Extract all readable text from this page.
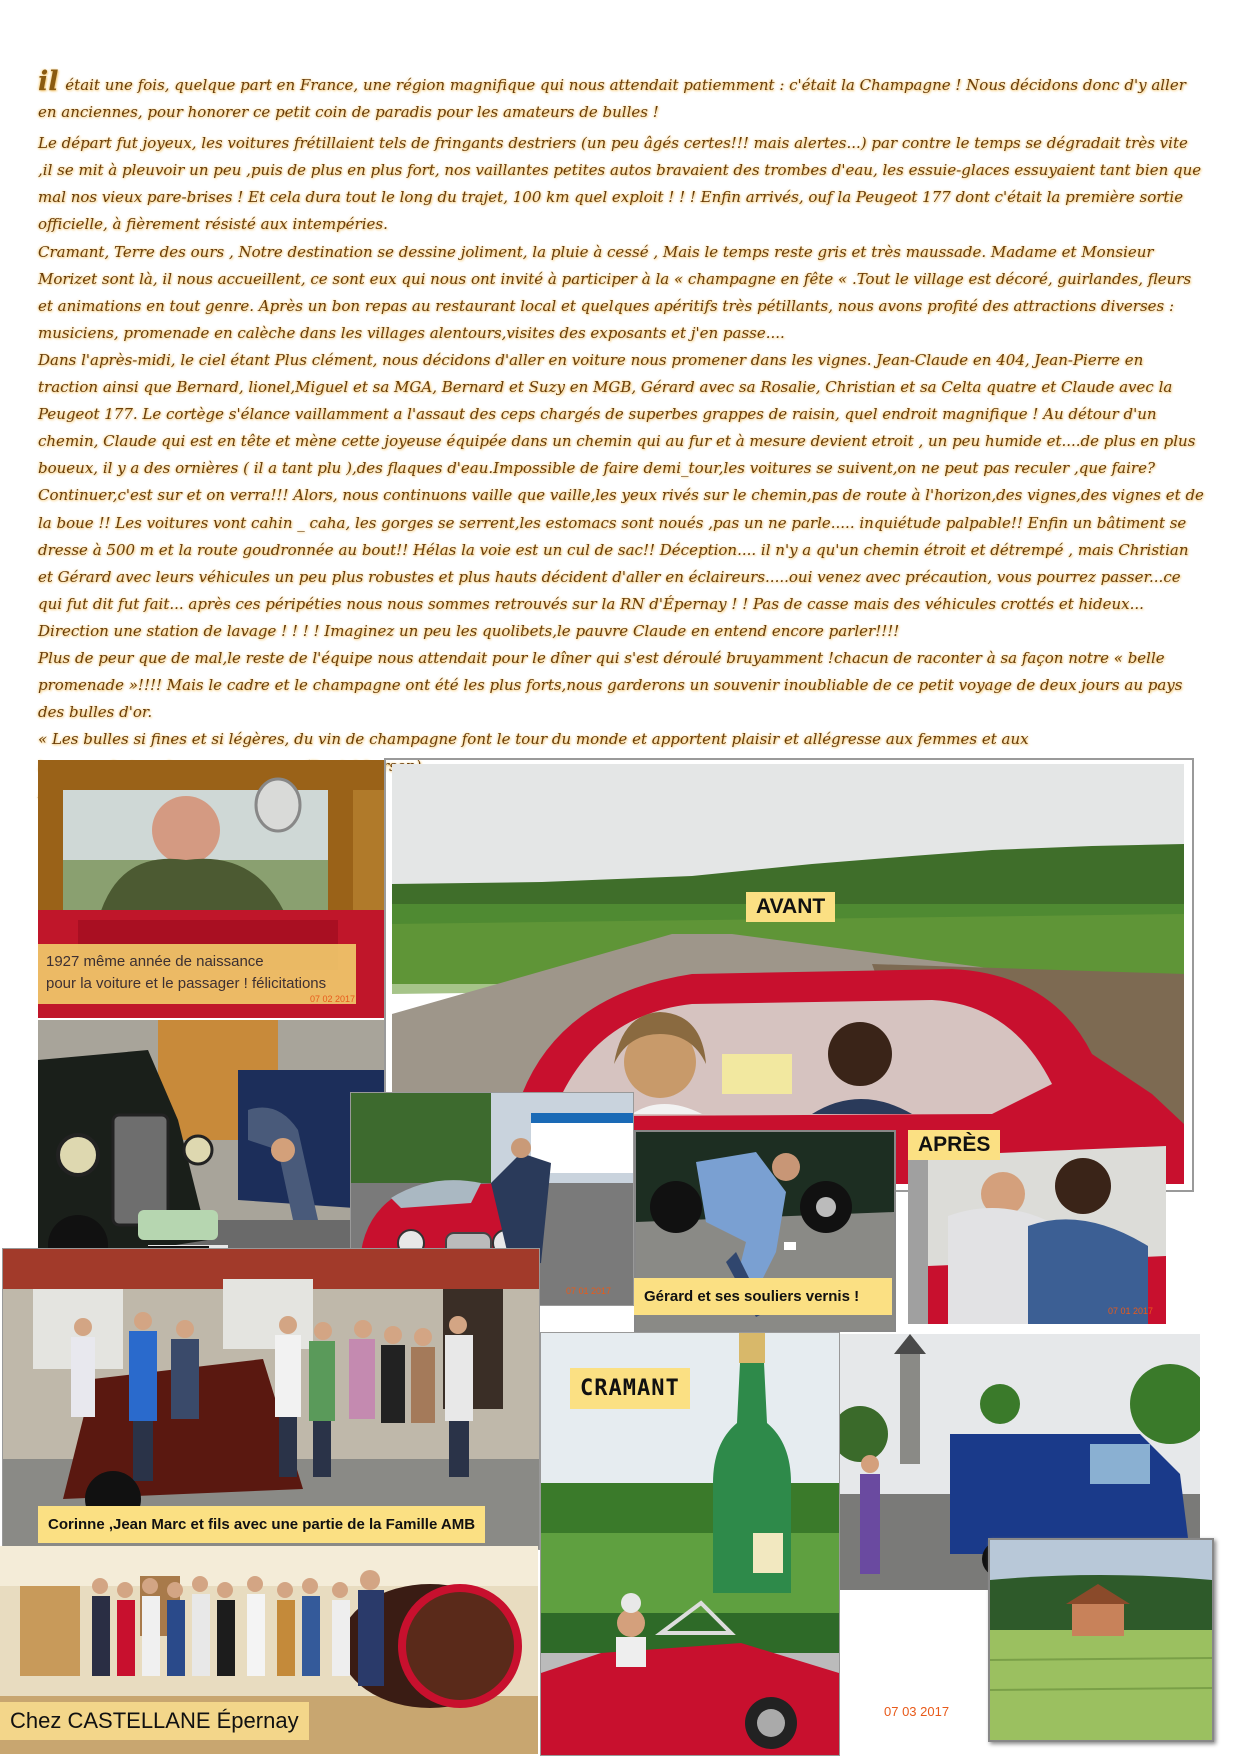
il était une fois, quelque part en France, une région magnifique qui nous attendait patiemment : c'était la Champagne ! Nous décidons donc d'y aller en anciennes, pour honorer ce petit coin de paradis pour les amateurs de bulles !

Le départ fut joyeux, les voitures frétillaient tels de fringants destriers (un peu âgés certes!!! mais alertes...) par contre le temps se dégradait très vite ,il se mit à pleuvoir un peu ,puis de plus en plus fort, nos vaillantes petites autos bravaient des trombes d'eau, les essuie-glaces essuyaient tant bien que mal nos vieux pare-brises ! Et cela dura tout le long du trajet, 100 km quel exploit ! ! ! Enfin arrivés, ouf la Peugeot 177 dont c'était la première sortie officielle, à fièrement résisté aux intempéries.

Cramant, Terre des ours , Notre destination se dessine joliment, la pluie à cessé , Mais le temps reste gris et très maussade. Madame et Monsieur Morizet sont là, il nous accueillent, ce sont eux qui nous ont invité à participer à la « champagne en fête « .Tout le village est décoré, guirlandes, fleurs et animations en tout genre. Après un bon repas au restaurant local et quelques apéritifs très pétillants, nous avons profité des attractions diverses : musiciens, promenade en calèche dans les villages alentours,visites des exposants et j'en passe....

Dans l'après-midi, le ciel étant Plus clément, nous décidons d'aller en voiture nous promener dans les vignes. Jean-Claude en 404, Jean-Pierre en traction ainsi que Bernard, lionel,Miguel et sa MGA, Bernard et Suzy en MGB, Gérard avec sa Rosalie, Christian et sa Celta quatre et Claude avec la Peugeot 177. Le cortège s'élance vaillamment a l'assaut des ceps chargés de superbes grappes de raisin, quel endroit magnifique ! Au détour d'un chemin, Claude qui est en tête et mène cette joyeuse équipée dans un chemin qui au fur et à mesure devient etroit , un peu humide et....de plus en plus boueux, il y a des ornières ( il a tant plu ),des flaques d'eau.Impossible de faire demi_tour,les voitures se suivent,on ne peut pas reculer ,que faire? Continuer,c'est sur et on verra!!! Alors, nous continuons vaille que vaille,les yeux rivés sur le chemin,pas de route à l'horizon,des vignes,des vignes et de la boue !! Les voitures vont cahin _ caha, les gorges se serrent,les estomacs sont noués ,pas un ne parle..... inquiétude palpable!! Enfin un bâtiment se dresse à 500 m et la route goudronnée au bout!! Hélas la voie est un cul de sac!! Déception.... il n'y a qu'un chemin étroit et détrempé , mais Christian et Gérard avec leurs véhicules un peu plus robustes et plus hauts décident d'aller en éclaireurs.....oui venez avec précaution, vous pourrez passer...ce qui fut dit fut fait... après ces péripéties nous nous sommes retrouvés sur la RN d'Épernay ! ! Pas de casse mais des véhicules crottés et hideux... Direction une station de lavage ! ! ! ! Imaginez un peu les quolibets,le pauvre Claude en entend encore parler!!!!

Plus de peur que de mal,le reste de l'équipe nous attendait pour le dîner qui s'est déroulé bruyamment !chacun de raconter à sa façon notre « belle promenade »!!!! Mais le cadre et le champagne ont été les plus forts,nous garderons un souvenir inoubliable de ce petit voyage de deux jours au pays des bulles d'or.

« Les bulles si fines et si légères, du vin de champagne font le tour du monde et apportent plaisir et allégresse aux femmes et aux

1927 même année de naissance
pour la voiture et le passager ! félicitations
07 02 2017
AVANT
07 01 2017	Gérard et ses souliers vernis !
APRÈS
07 01 2017
Corinne ,Jean Marc et fils avec une partie de la Famille AMB
Chez CASTELLANE Épernay
CRAMANT
07 03 2017
